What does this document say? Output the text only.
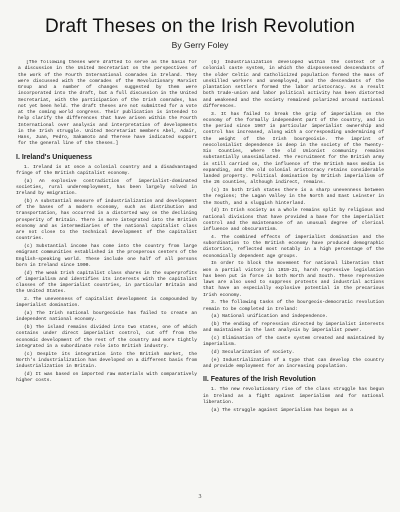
Draft Theses on the Irish Revolution
By Gerry Foley

[The following theses were drafted to serve as the basis for a discussion in the United Secretariat on the perspectives of the work of the Fourth International comrades in Ireland. They were discussed with the comrades of the Revolutionary Marxist Group and a number of changes suggested by them were incorporated into the draft, but a full discussion in the United Secretariat, with the participation of the Irish comrades, has not yet been held. The draft theses are not submitted for a vote at the coming world congress. Their publication is intended to help clarify the differences that have arisen within the Fourth International over analysis and interpretation of developments in the Irish struggle. United Secretariat members Abel, Adair, Hans, Juan, Pedro, Sakamoto and Therese have indicated support for the general line of the theses.]

I. Ireland's Uniqueness

1. Ireland is at once a colonial country and a disadvantaged fringe of the British capitalist economy.

(a) An explosive contradiction of imperialist-dominated societies, rural underemployment, has been largely solved in Ireland by emigration.

(b) A substantial measure of industrialization and development of the bases of a modern economy, such as distribution and transportation, has occurred in a distorted way on the declining prosperity of Britain. There is more integrated into the British economy and as intermediaries of the national capitalist class are not close to the technical development of the capitalist countries.

(c) Substantial income has come into the country from large emigrant communities established in the prosperous centers of the English-speaking world. These include one half of all persons born in Ireland since 1900.

(d) The weak Irish capitalist class shares in the superprofits of imperialism and identifies its interests with the capitalist classes of the imperialist countries, in particular Britain and the United States.

2. The unevenness of capitalist development is compounded by imperialist domination.

(a) The Irish national bourgeoisie has failed to create an independent national economy.

(b) The island remains divided into two states, one of which contains under direct imperialist control, cut off from the economic development of the rest of the country and more tightly integrated in a subordinate role into British industry.

(c) Despite its integration into the British market, the North's industrialization has developed on a different basis from industrialization in Britain.

(d) It was based on imported raw materials with comparatively higher costs.

(b) Industrialization developed within the context of a colonial caste system, in which the dispossessed descendants of the older Celtic and Catholicized population formed the mass of unskilled workers and unemployed, and the descendants of the plantation settlers formed the labor aristocracy. As a result both trade-union and labor political activity has been distorted and weakened and the society remained polarized around national differences.

3. It has failed to break the grip of imperialism on the economy of the formally independent part of the country, and in the period since 1967 in particular imperialist ownership and control has increased, along with a corresponding undermining of the weight of the Irish bourgeoisie. The imprint of neocolonialist dependence is deep in the society of the Twenty-Six Counties, where the old Unionist community remains substantially unassimilated. The recruitment for the British army is still carried on, the influence of the British mass media is expanding, and the old colonial aristocracy retains considerable landed property. Political domination by British imperialism of the 26 counties, although indirect, remains.

(c) In both Irish states there is a sharp unevenness between the regions; the Lagan Valley in the North and East Leinster in the South, and a sluggish hinterland.

(d) In Irish society as a whole remains split by religious and national divisions that have provided a base for the imperialist control and the maintenance of an unusual degree of clerical influence and obscurantism.

4. The combined effects of imperialist domination and the subordination to the British economy have produced demographic distortion, reflected most notably in a high percentage of the economically dependent age groups.

In order to block the movement for national liberation that won a partial victory in 1919-21, harsh repressive legislation has been put in force in both North and South. These repressive laws are also used to suppress protests and industrial actions that have an especially explosive potential in the precarious Irish economy.

3. The following tasks of the bourgeois-democratic revolution remain to be completed in Ireland:

(a) National unification and independence.

(b) The ending of repression directed by imperialist interests and maintained in the last analysis by imperialist power.

(c) Elimination of the caste system created and maintained by imperialism.

(d) Secularization of society.

(e) Industrialization of a type that can develop the country and provide employment for an increasing population.

II. Features of the Irish Revolution

1. The new revolutionary rise of the class struggle has begun in Ireland as a fight against imperialism and for national liberation.

(a) The struggle against imperialism has begun as a

3
